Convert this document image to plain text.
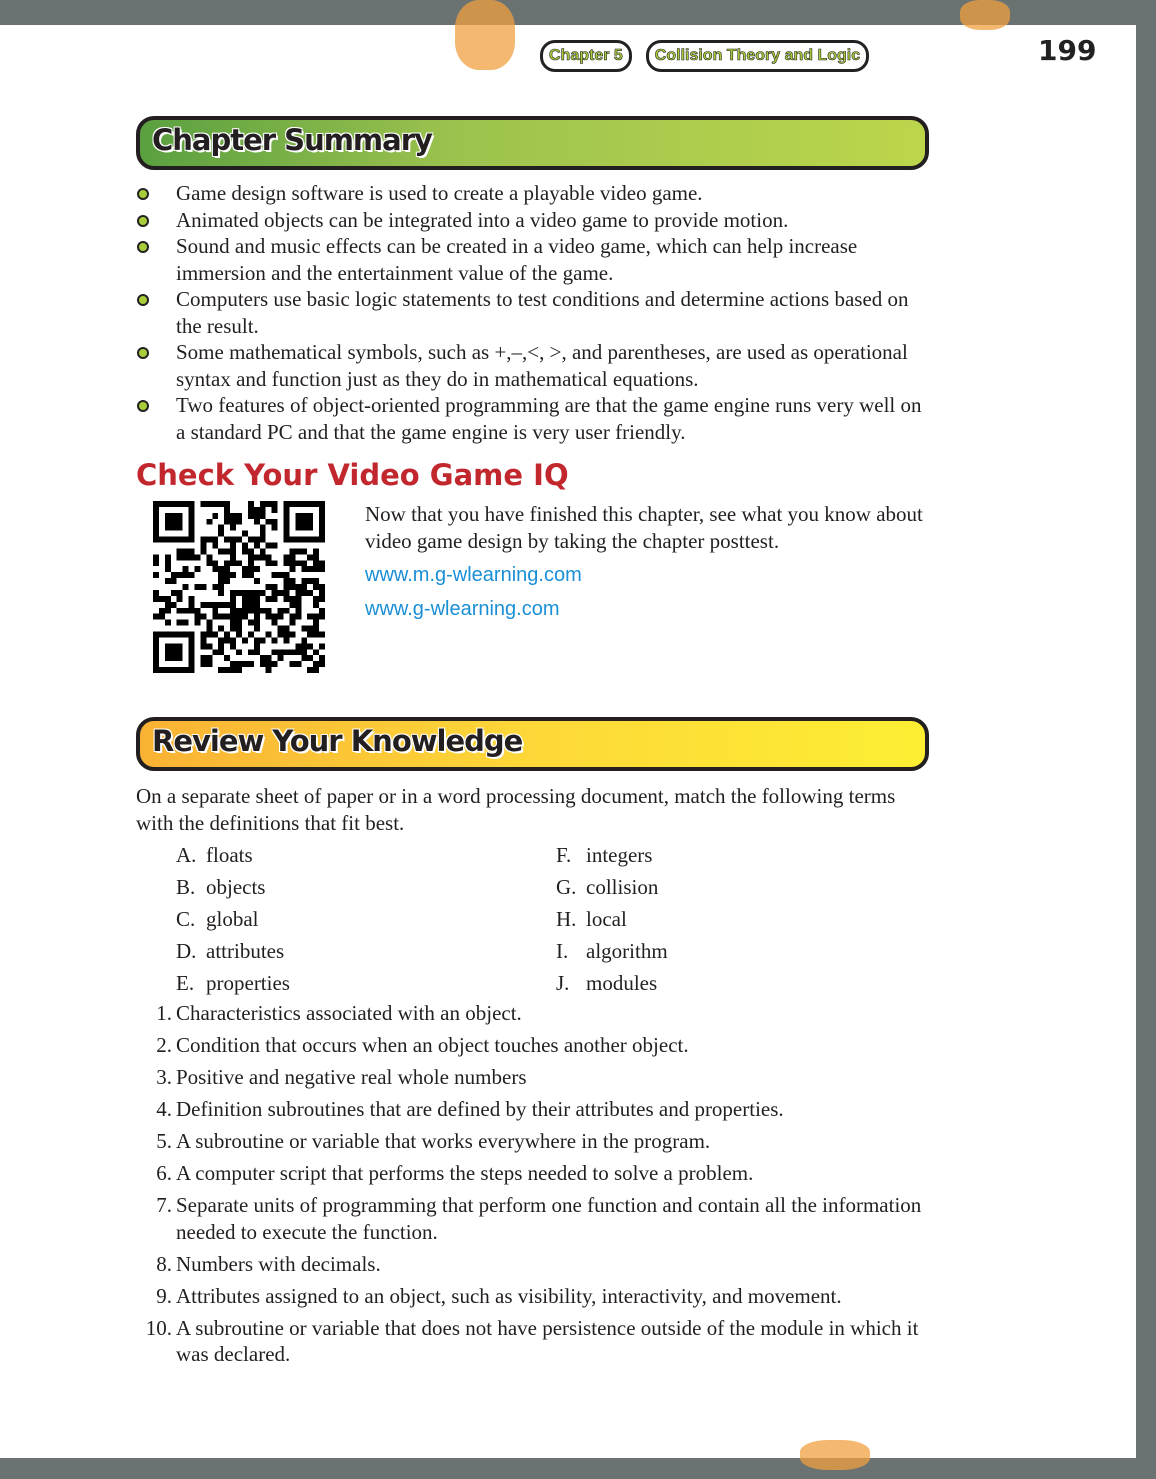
Chapter 5	Collision Theory and Logic	199
Chapter Summary
Game design software is used to create a playable video game.
Animated objects can be integrated into a video game to provide motion.
Sound and music effects can be created in a video game, which can help increase immersion and the entertainment value of the game.
Computers use basic logic statements to test conditions and determine actions based on the result.
Some mathematical symbols, such as +,–,<, >, and parentheses, are used as operational syntax and function just as they do in mathematical equations.
Two features of object-oriented programming are that the game engine runs very well on a standard PC and that the game engine is very user friendly.
Check Your Video Game IQ
Now that you have finished this chapter, see what you know about video game design by taking the chapter posttest.
www.m.g-wlearning.com
www.g-wlearning.com
Review Your Knowledge
On a separate sheet of paper or in a word processing document, match the following terms with the definitions that fit best.
A. floats
B. objects
C. global
D. attributes
E. properties
F. integers
G. collision
H. local
I. algorithm
J. modules
1. Characteristics associated with an object.
2. Condition that occurs when an object touches another object.
3. Positive and negative real whole numbers
4. Definition subroutines that are defined by their attributes and properties.
5. A subroutine or variable that works everywhere in the program.
6. A computer script that performs the steps needed to solve a problem.
7. Separate units of programming that perform one function and contain all the information needed to execute the function.
8. Numbers with decimals.
9. Attributes assigned to an object, such as visibility, interactivity, and movement.
10. A subroutine or variable that does not have persistence outside of the module in which it was declared.
